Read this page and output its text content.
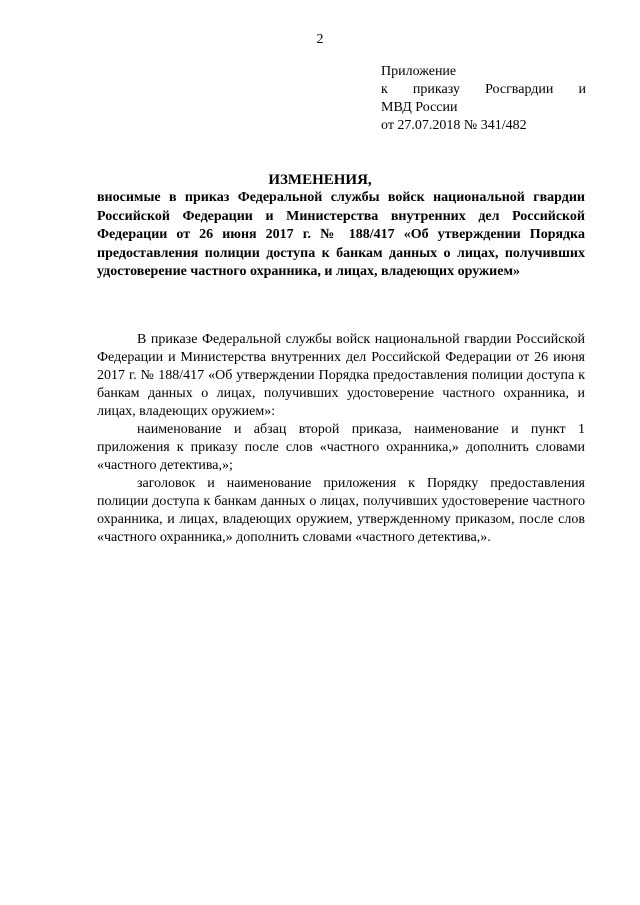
2
Приложение
к приказу Росгвардии и
МВД России
от 27.07.2018 № 341/482
ИЗМЕНЕНИЯ,
вносимые в приказ Федеральной службы войск национальной гвардии Российской Федерации и Министерства внутренних дел Российской Федерации от 26 июня 2017 г. № 188/417 «Об утверждении Порядка предоставления полиции доступа к банкам данных о лицах, получивших удостоверение частного охранника, и лицах, владеющих оружием»

В приказе Федеральной службы войск национальной гвардии Российской Федерации и Министерства внутренних дел Российской Федерации от 26 июня 2017 г. № 188/417 «Об утверждении Порядка предоставления полиции доступа к банкам данных о лицах, получивших удостоверение частного охранника, и лицах, владеющих оружием»:

наименование и абзац второй приказа, наименование и пункт 1 приложения к приказу после слов «частного охранника,» дополнить словами «частного детектива,»;

заголовок и наименование приложения к Порядку предоставления полиции доступа к банкам данных о лицах, получивших удостоверение частного охранника, и лицах, владеющих оружием, утвержденному приказом, после слов «частного охранника,» дополнить словами «частного детектива,».
